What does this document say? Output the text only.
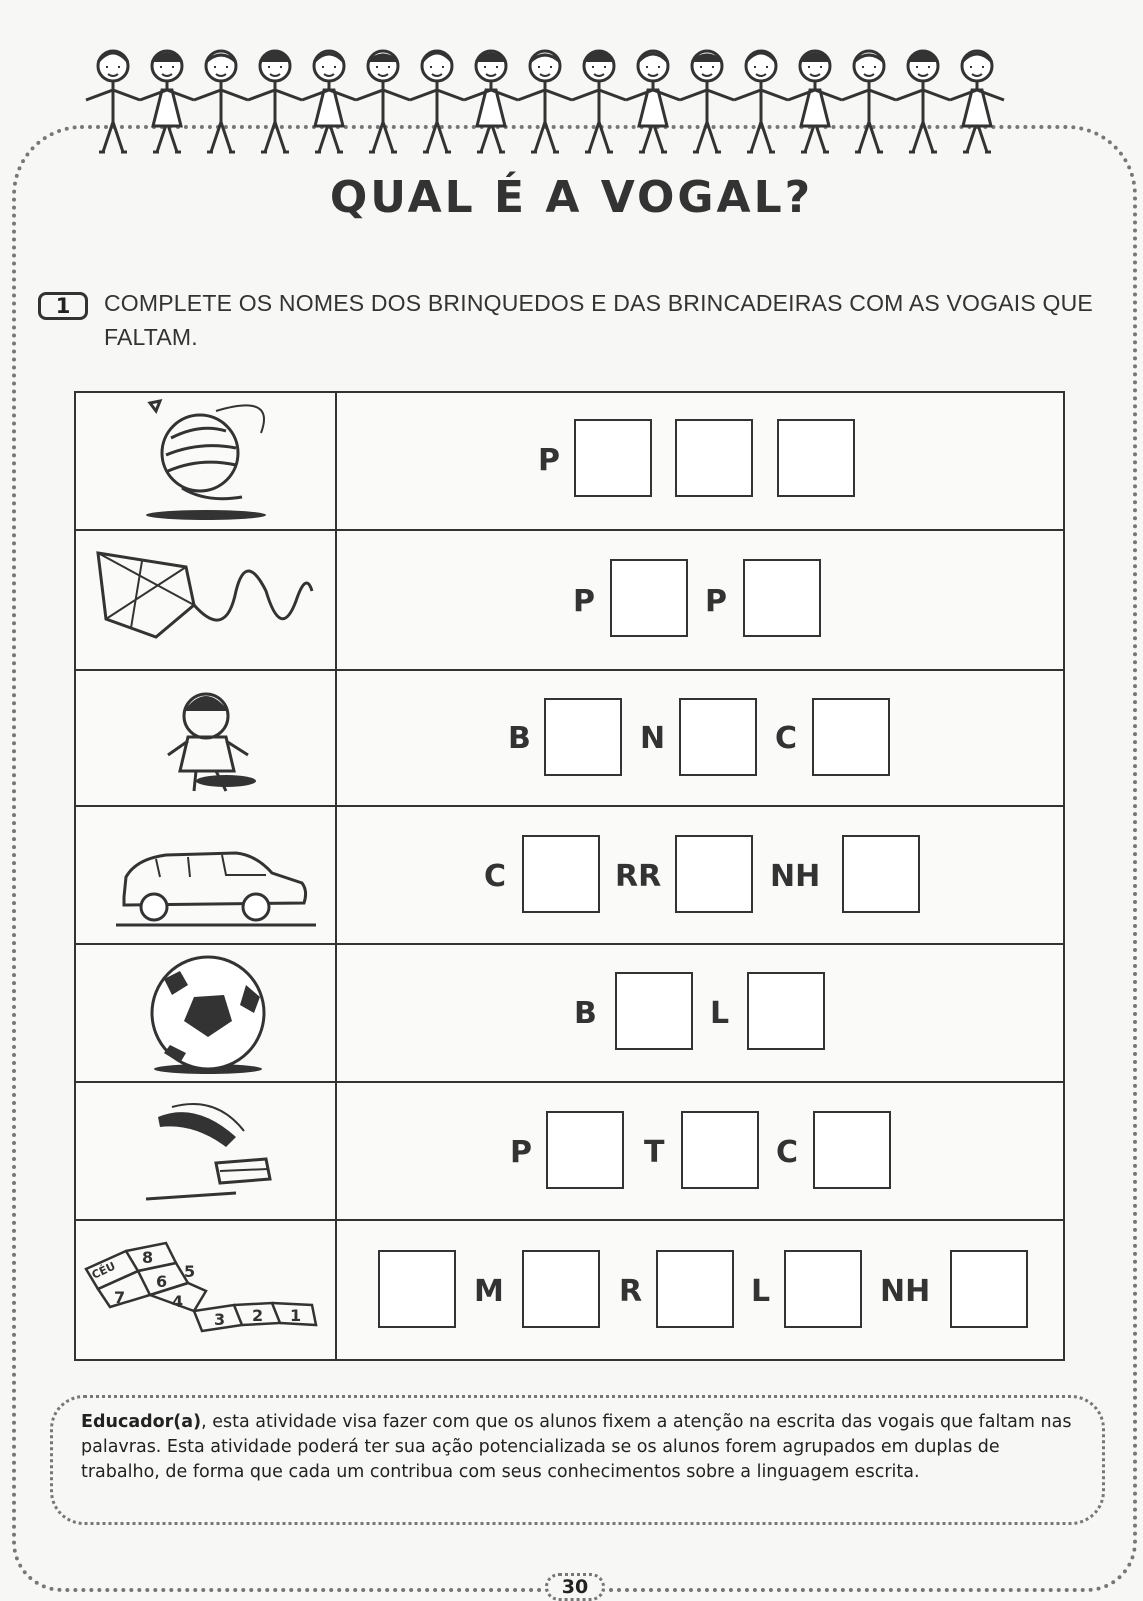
QUAL É A VOGAL?
1	COMPLETE OS NOMES DOS BRINQUEDOS E DAS BRINCADEIRAS COM AS VOGAIS QUE FALTAM.
P
P	P
B	N	C
C	RR	NH
B	L
P	T	C
CÉU
8
7
6
5
4
3 2 1
M	R	L	NH
Educador(a), esta atividade visa fazer com que os alunos fixem a atenção na escrita das vogais que faltam nas palavras. Esta atividade poderá ter sua ação potencializada se os alunos forem agrupados em duplas de trabalho, de forma que cada um contribua com seus conhecimentos sobre a linguagem escrita.
30
